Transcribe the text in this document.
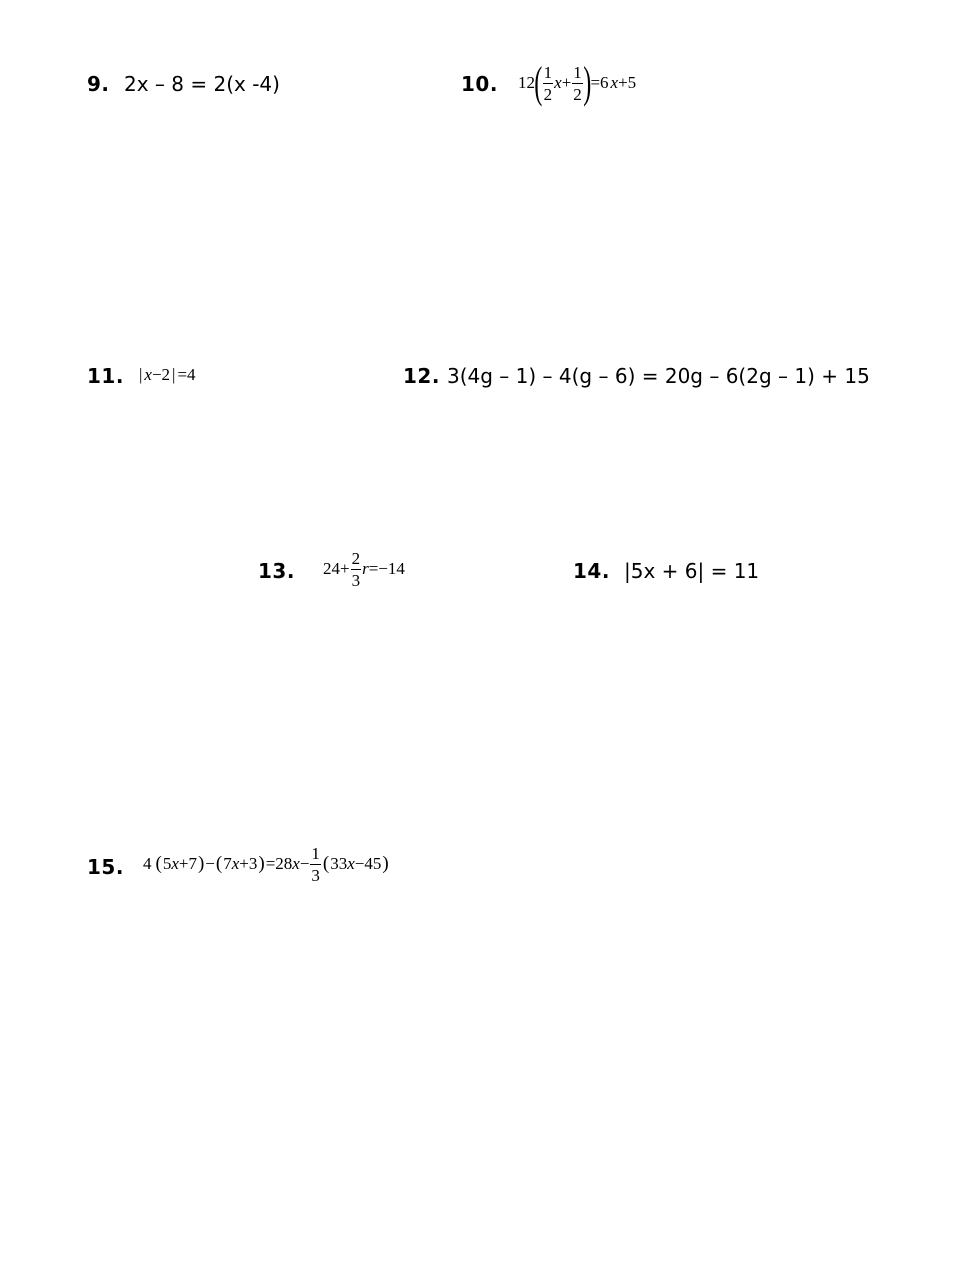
9. 2x – 8 = 2(x -4)	10. 12 ( $\frac{1}{2}$ $x + \frac{1}{2}$ ) =6 x +5
11. | x −2 | =4	12. 3(4g – 1) – 4(g – 6) = 20g – 6(2g – 1) + 15
13. $24+ \frac{2}{3}$ r =−14	14. |5x + 6| = 11
15. 4 ( 5 x +7 ) − ( 7 x +3 ) =28 $x - \frac{1}{3}$ ( 33 x −45 )
